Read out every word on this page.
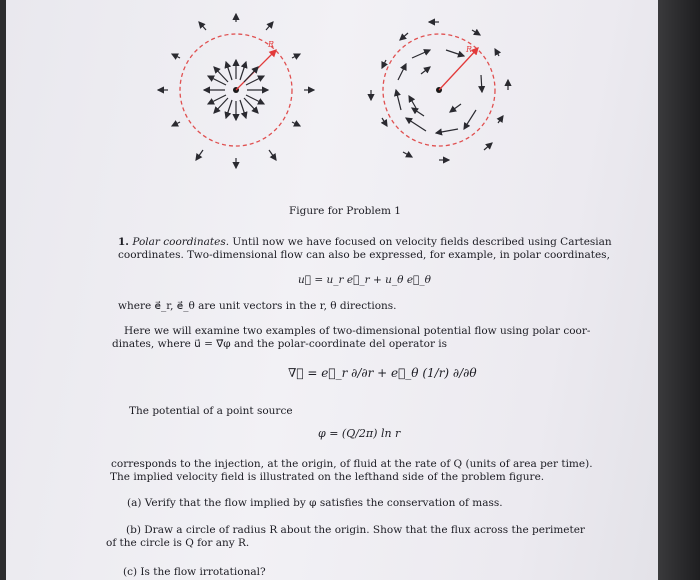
R
R
Figure for Problem 1
1. Polar coordinates. Until now we have focused on velocity fields described using Cartesian
coordinates. Two-dimensional flow can also be expressed, for example, in polar coordinates,
u⃗ = u_r e⃗_r + u_θ e⃗_θ
where e⃗_r, e⃗_θ are unit vectors in the r, θ directions.
Here we will examine two examples of two-dimensional potential flow using polar coor-
dinates, where u⃗ = ∇⃗φ and the polar-coordinate del operator is
∇⃗ = e⃗_r ∂/∂r + e⃗_θ (1/r) ∂/∂θ
The potential of a point source
φ = (Q/2π) ln r
corresponds to the injection, at the origin, of fluid at the rate of Q (units of area per time).
The implied velocity field is illustrated on the lefthand side of the problem figure.
(a) Verify that the flow implied by φ satisfies the conservation of mass.
(b) Draw a circle of radius R about the origin. Show that the flux across the perimeter
of the circle is Q for any R.
(c) Is the flow irrotational?
